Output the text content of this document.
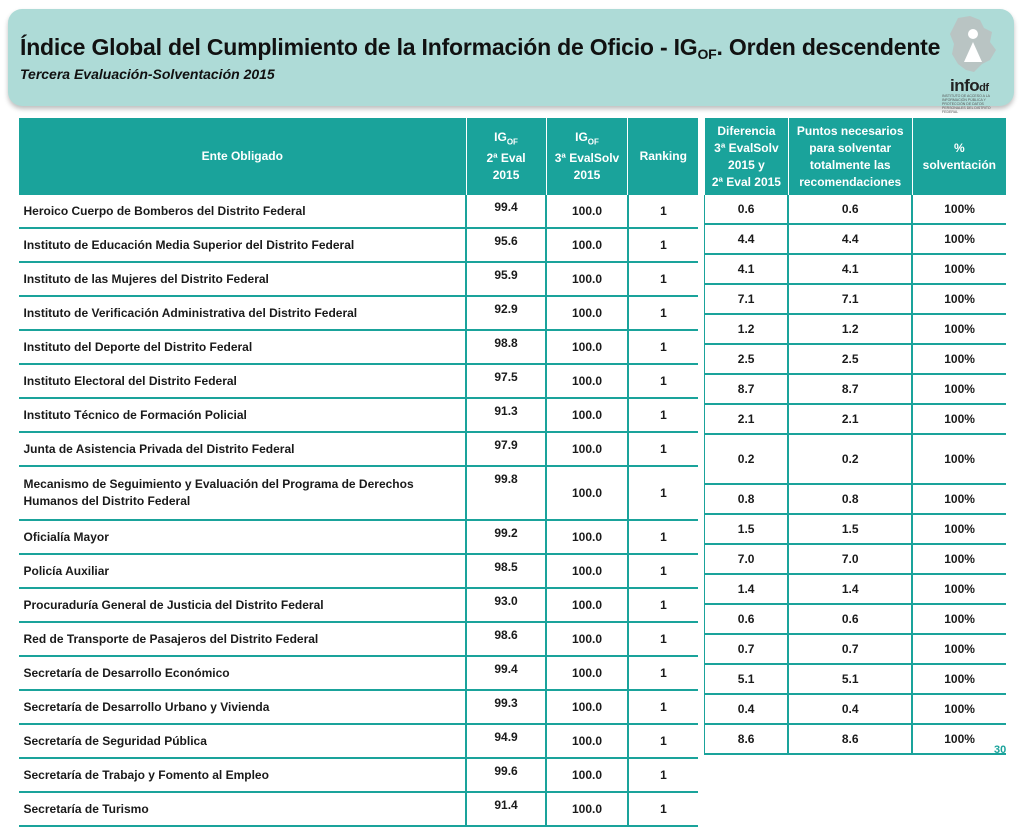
Índice Global del Cumplimiento de la Información de Oficio - $IG_{OF}$. Orden descendente
Tercera Evaluación-Solventación 2015
infodf
INSTITUTO DE ACCESO A LA INFORMACIÓN PÚBLICA Y PROTECCIÓN DE DATOS PERSONALES DEL DISTRITO FEDERAL
Ente Obligado	$IG_{OF}$
2ª Eval
2015	$IG_{OF}$
3ª EvalSolv
2015	Ranking
Heroico Cuerpo de Bomberos del Distrito Federal	99.4	100.0	1
Instituto de Educación Media Superior del Distrito Federal	95.6	100.0	1
Instituto de las Mujeres del Distrito Federal	95.9	100.0	1
Instituto de Verificación Administrativa del Distrito Federal	92.9	100.0	1
Instituto del Deporte del Distrito Federal	98.8	100.0	1
Instituto Electoral del Distrito Federal	97.5	100.0	1
Instituto Técnico de Formación Policial	91.3	100.0	1
Junta de Asistencia Privada del Distrito Federal	97.9	100.0	1
Mecanismo de Seguimiento y Evaluación del Programa de Derechos Humanos del Distrito Federal	99.8	100.0	1
Oficialía Mayor	99.2	100.0	1
Policía Auxiliar	98.5	100.0	1
Procuraduría General de Justicia del Distrito Federal	93.0	100.0	1
Red de Transporte de Pasajeros del Distrito Federal	98.6	100.0	1
Secretaría de Desarrollo Económico	99.4	100.0	1
Secretaría de Desarrollo Urbano y Vivienda	99.3	100.0	1
Secretaría de Seguridad Pública	94.9	100.0	1
Secretaría de Trabajo y Fomento al Empleo	99.6	100.0	1
Secretaría de Turismo	91.4	100.0	1
Diferencia
3ª EvalSolv
2015 y
2ª Eval 2015	Puntos necesarios
para solventar
totalmente las
recomendaciones	%
solventación
0.6	0.6	100%
4.4	4.4	100%
4.1	4.1	100%
7.1	7.1	100%
1.2	1.2	100%
2.5	2.5	100%
8.7	8.7	100%
2.1	2.1	100%
0.2	0.2	100%
0.8	0.8	100%
1.5	1.5	100%
7.0	7.0	100%
1.4	1.4	100%
0.6	0.6	100%
0.7	0.7	100%
5.1	5.1	100%
0.4	0.4	100%
8.6	8.6	100%
30
